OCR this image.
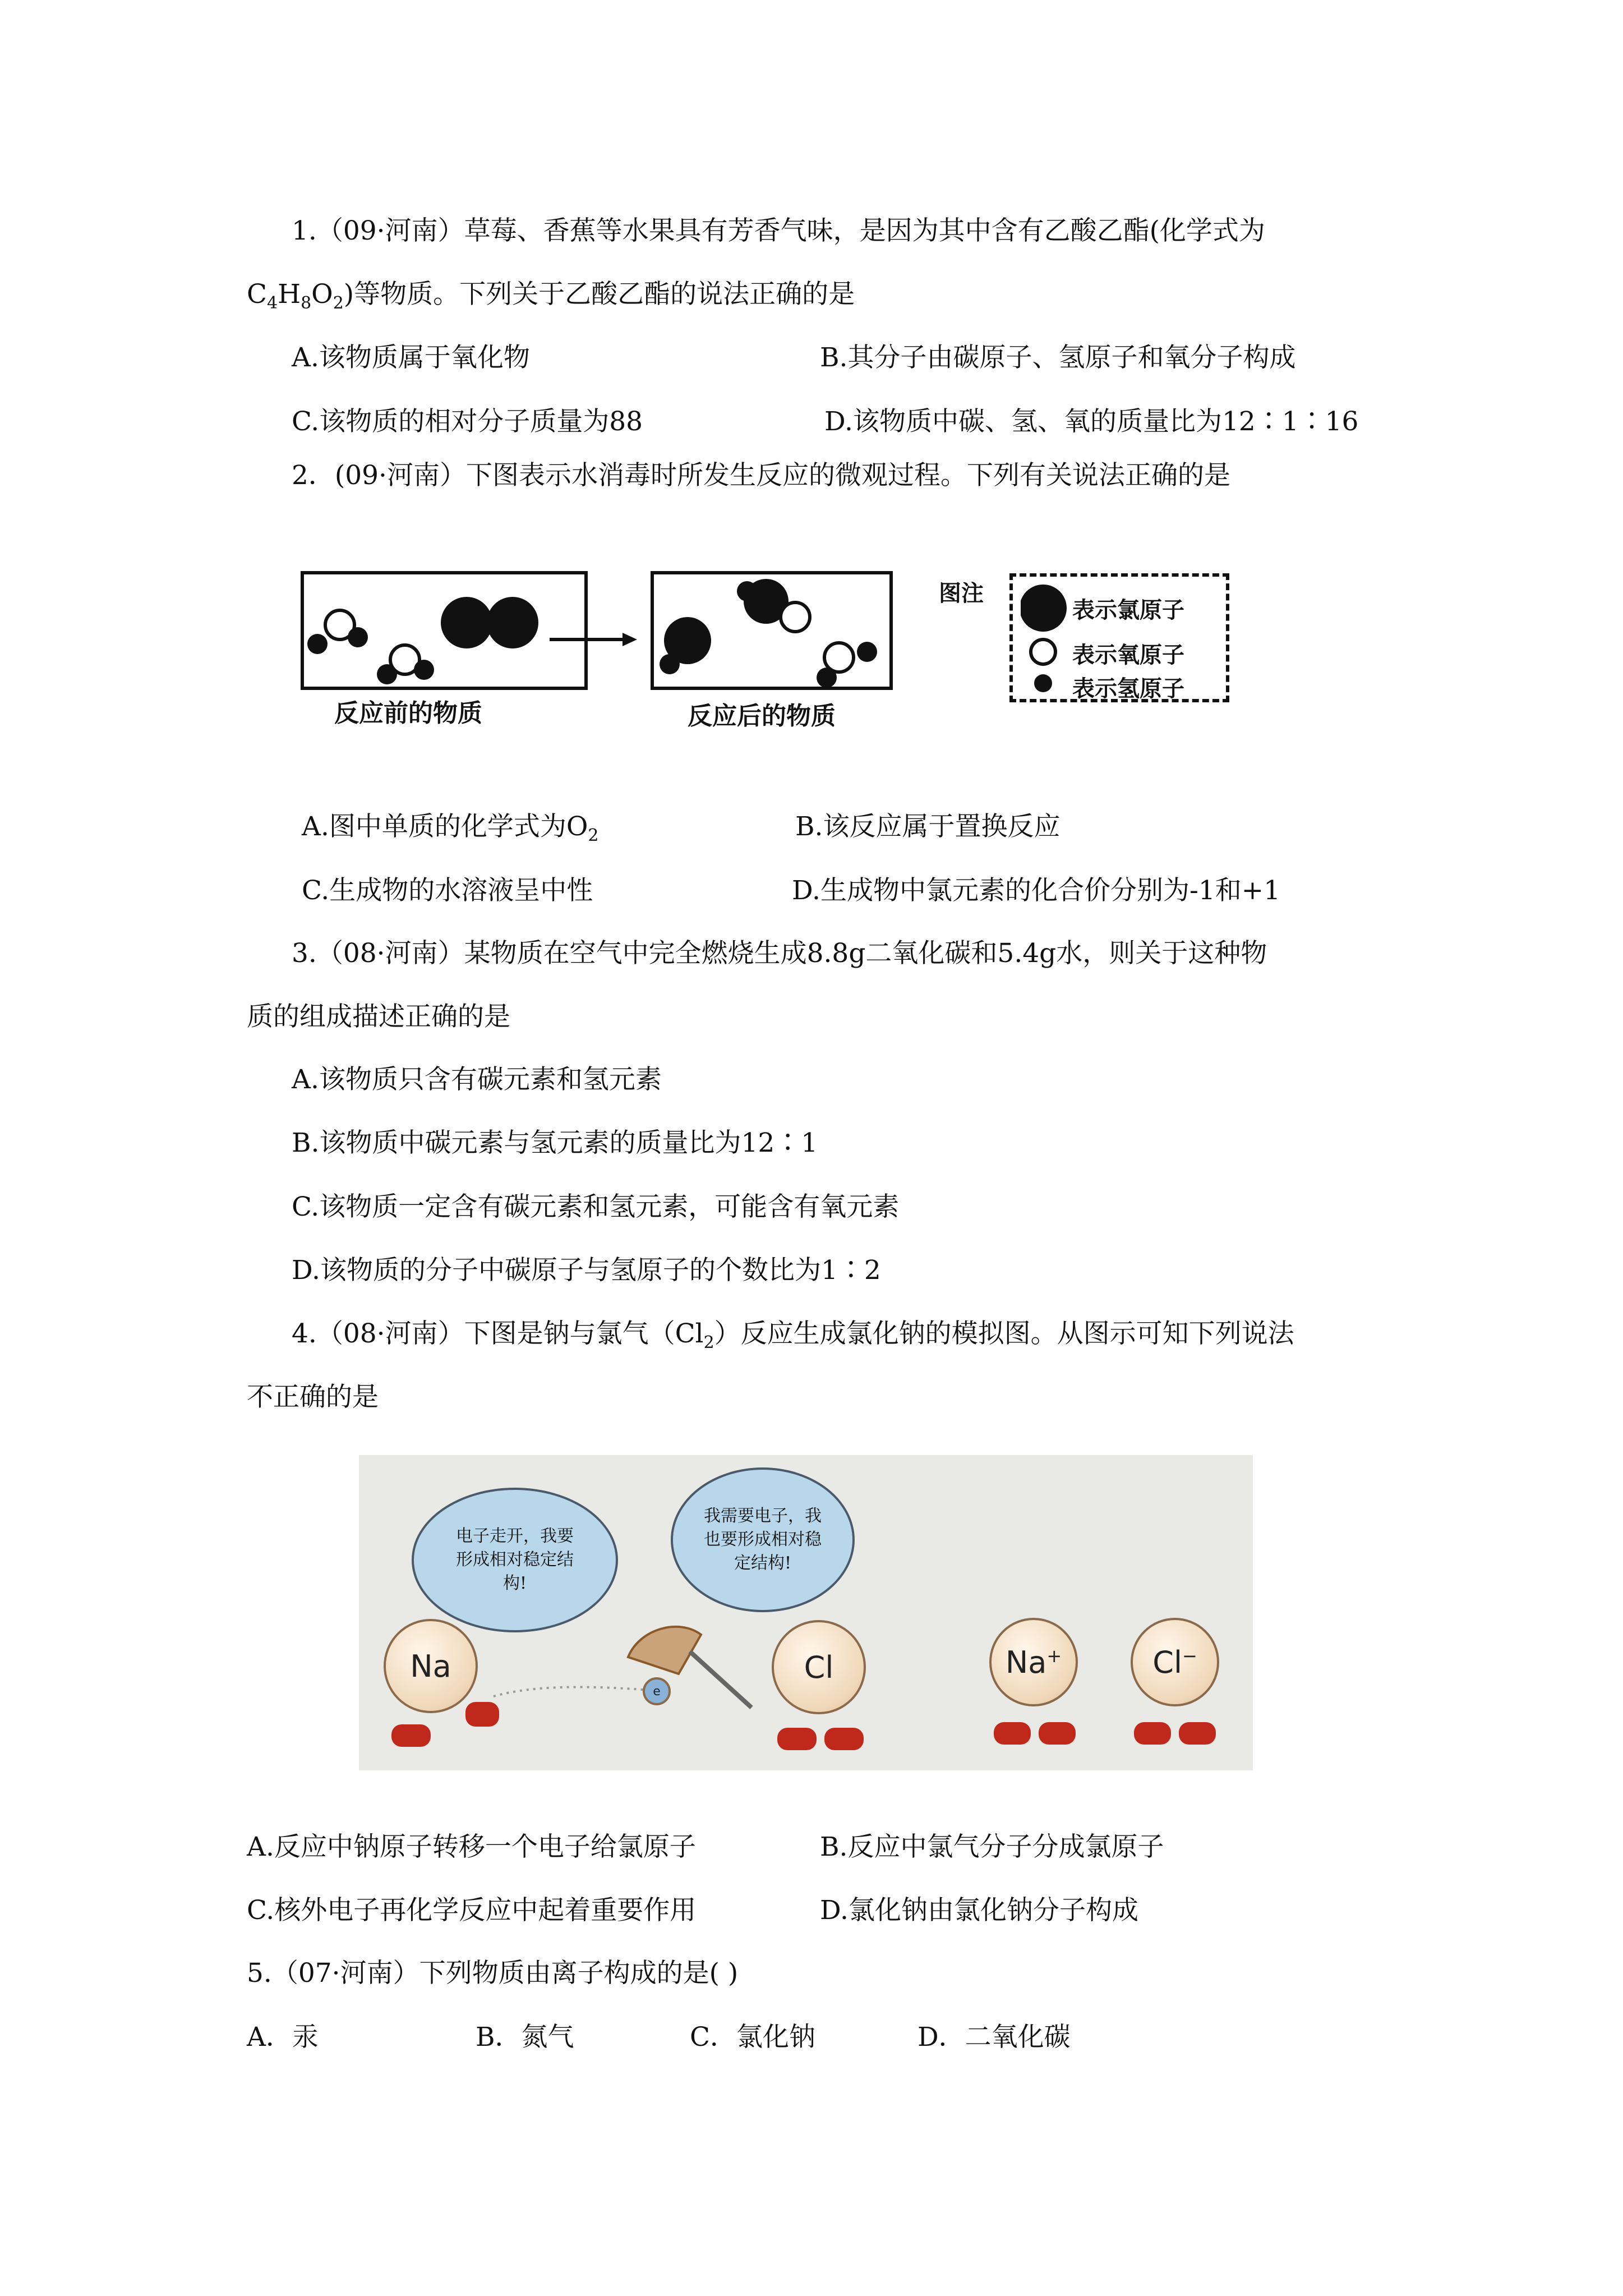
1.（09·河南）草莓、香蕉等水果具有芳香气味，是因为其中含有乙酸乙酯(化学式为
$C_4H_8O_2$)等物质。下列关于乙酸乙酯的说法正确的是
A.该物质属于氧化物	B.其分子由碳原子、氢原子和氧分子构成
C.该物质的相对分子质量为88	D.该物质中碳、氢、氧的质量比为12∶1∶16
2．(09·河南）下图表示水消毒时所发生反应的微观过程。下列有关说法正确的是
反应前的物质	反应后的物质
图注
表示氯原子
表示氧原子
表示氢原子
A.图中单质的化学式为$O_2$	B.该反应属于置换反应
C.生成物的水溶液呈中性	D.生成物中氯元素的化合价分别为-1和+1
3.（08·河南）某物质在空气中完全燃烧生成8.8g二氧化碳和5.4g水，则关于这种物
质的组成描述正确的是
A.该物质只含有碳元素和氢元素
B.该物质中碳元素与氢元素的质量比为12∶1
C.该物质一定含有碳元素和氢元素，可能含有氧元素
D.该物质的分子中碳原子与氢原子的个数比为1∶2
4.（08·河南）下图是钠与氯气$(Cl_2)$反应生成氯化钠的模拟图。从图示可知下列说法
不正确的是
电子走开，我要形成相对稳定结构!
我需要电子，我也要形成相对稳定结构!
Na
e
Cl	Na+	Cl−
A.反应中钠原子转移一个电子给氯原子	B.反应中氯气分子分成氯原子
C.核外电子再化学反应中起着重要作用	D.氯化钠由氯化钠分子构成
5.（07·河南）下列物质由离子构成的是( )
A．汞	B．氮气	C．氯化钠	D．二氧化碳
